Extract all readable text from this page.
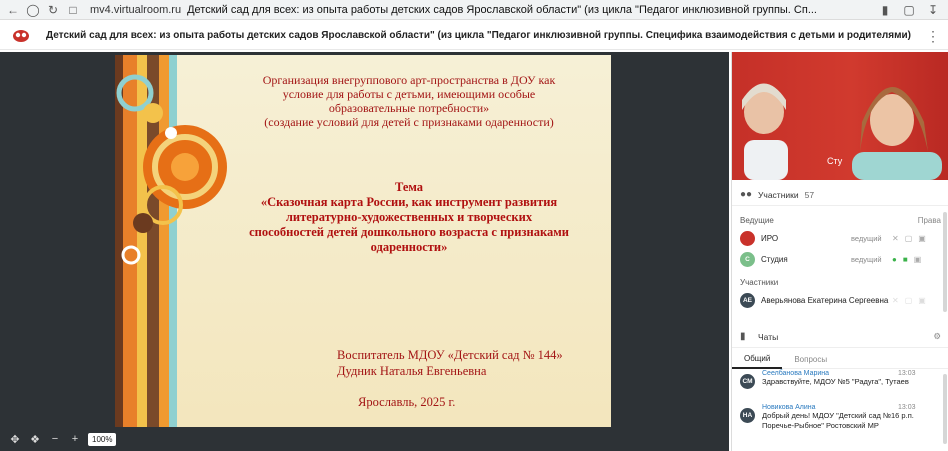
← ◯ ↻ □	mv4.virtualroom.ru Детский сад для всех: из опыта работы детских садов Ярославской области" (из цикла "Педагог инклюзивной группы. Сп...	▮	▢	↧
Детский сад для всех: из опыта работы детских садов Ярославской области" (из цикла "Педагог инклюзивной группы. Специфика взаимодействия с детьми и родителями)	⋮
Организация внегруппового арт-пространства в ДОУ как
условие для работы с детьми, имеющими особые
образовательные потребности»
(создание условий для детей с признаками одаренности)
Тема
«Сказочная карта России, как инструмент развития
литературно-художественных и творческих
способностей детей дошкольного возраста с признаками
одаренности»
Воспитатель МДОУ «Детский сад № 144»
Дудник Наталья Евгеньевна
Ярославль, 2025 г.
✥ ❖	−	+	100%
Сту
●● Участники 57
Ведущие	Права
ИРО	ведущий ✕ ▢ ▣
С	Студия	ведущий ● ■ ▣
Участники
АЕ	Аверьянова Екатерина Сергеевна ✕ ▢ ▣
▮	Чаты	⚙
Общий	Вопросы
СМ
Сеелбанова Марина	13:03
Здравствуйте, МДОУ №5 "Радуга", Тутаев
НА
Новикова Алина	13:03
Добрый день! МДОУ "Детский сад №16 р.п. Поречье-Рыбное" Ростовский МР
